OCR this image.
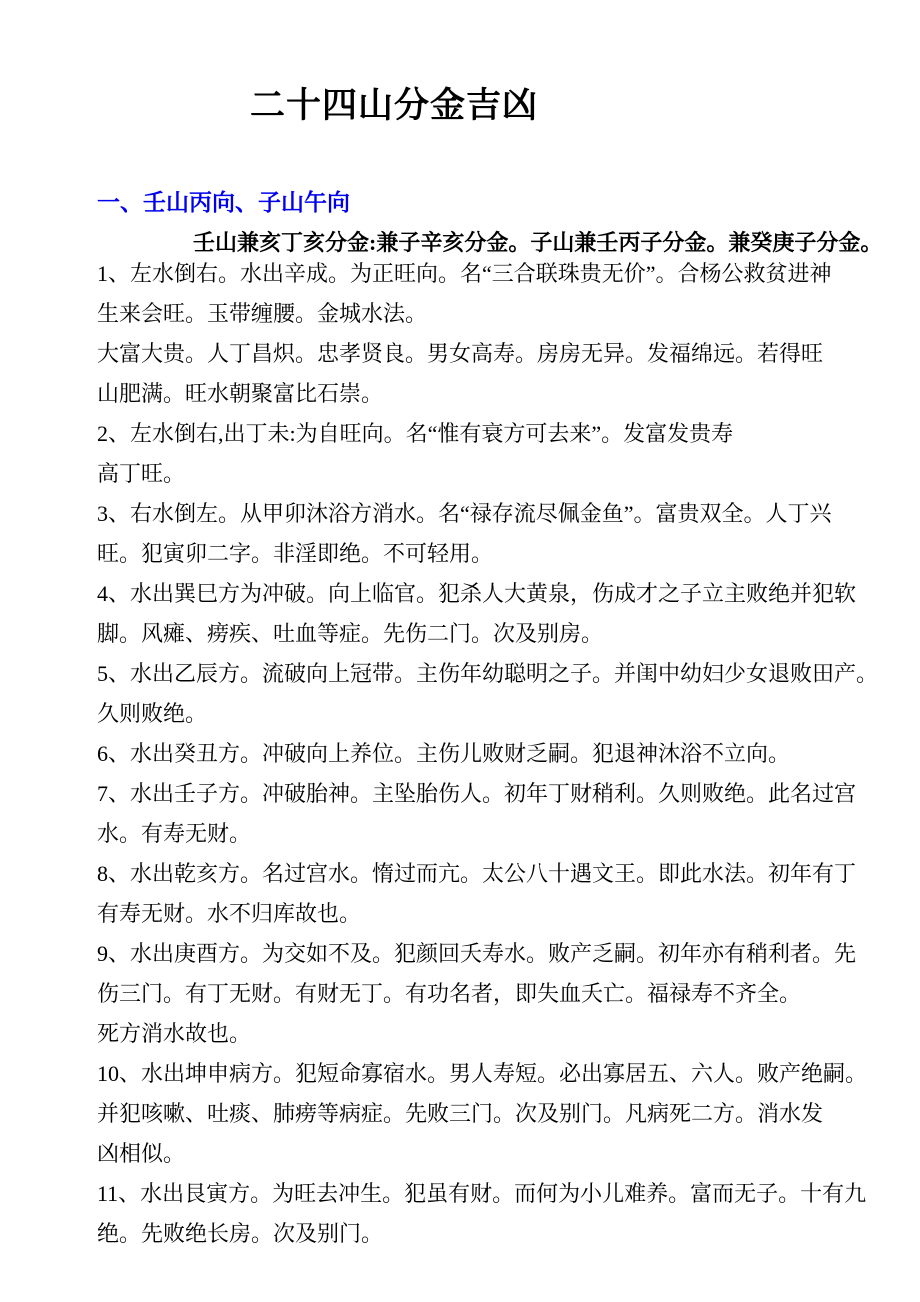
二十四山分金吉凶
一、壬山丙向、子山午向
壬山兼亥丁亥分金:兼子辛亥分金。子山兼壬丙子分金。兼癸庚子分金。

1、左水倒右。水出辛成。为正旺向。名“三合联珠贵无价”。合杨公救贫进神

生来会旺。玉带缠腰。金城水法。

大富大贵。人丁昌炽。忠孝贤良。男女高寿。房房无异。发福绵远。若得旺

山肥满。旺水朝聚富比石崇。

2、左水倒右,出丁未:为自旺向。名“惟有衰方可去来”。发富发贵寿

高丁旺。

3、右水倒左。从甲卯沐浴方消水。名“禄存流尽佩金鱼”。富贵双全。人丁兴

旺。犯寅卯二字。非淫即绝。不可轻用。

4、水出巽巳方为冲破。向上临官。犯杀人大黄泉，伤成才之子立主败绝并犯软

脚。风瘫、痨疾、吐血等症。先伤二门。次及别房。

5、水出乙辰方。流破向上冠带。主伤年幼聪明之子。并闺中幼妇少女退败田产。

久则败绝。

6、水出癸丑方。冲破向上养位。主伤儿败财乏嗣。犯退神沐浴不立向。

7、水出壬子方。冲破胎神。主坠胎伤人。初年丁财稍利。久则败绝。此名过宫

水。有寿无财。

8、水出乾亥方。名过宫水。惰过而亢。太公八十遇文王。即此水法。初年有丁

有寿无财。水不归库故也。

9、水出庚酉方。为交如不及。犯颜回夭寿水。败产乏嗣。初年亦有稍利者。先

伤三门。有丁无财。有财无丁。有功名者，即失血夭亡。福禄寿不齐全。

死方消水故也。

10、水出坤申病方。犯短命寡宿水。男人寿短。必出寡居五、六人。败产绝嗣。

并犯咳嗽、吐痰、肺痨等病症。先败三门。次及别门。凡病死二方。消水发

凶相似。

11、水出艮寅方。为旺去冲生。犯虽有财。而何为小儿难养。富而无子。十有九

绝。先败绝长房。次及别门。
